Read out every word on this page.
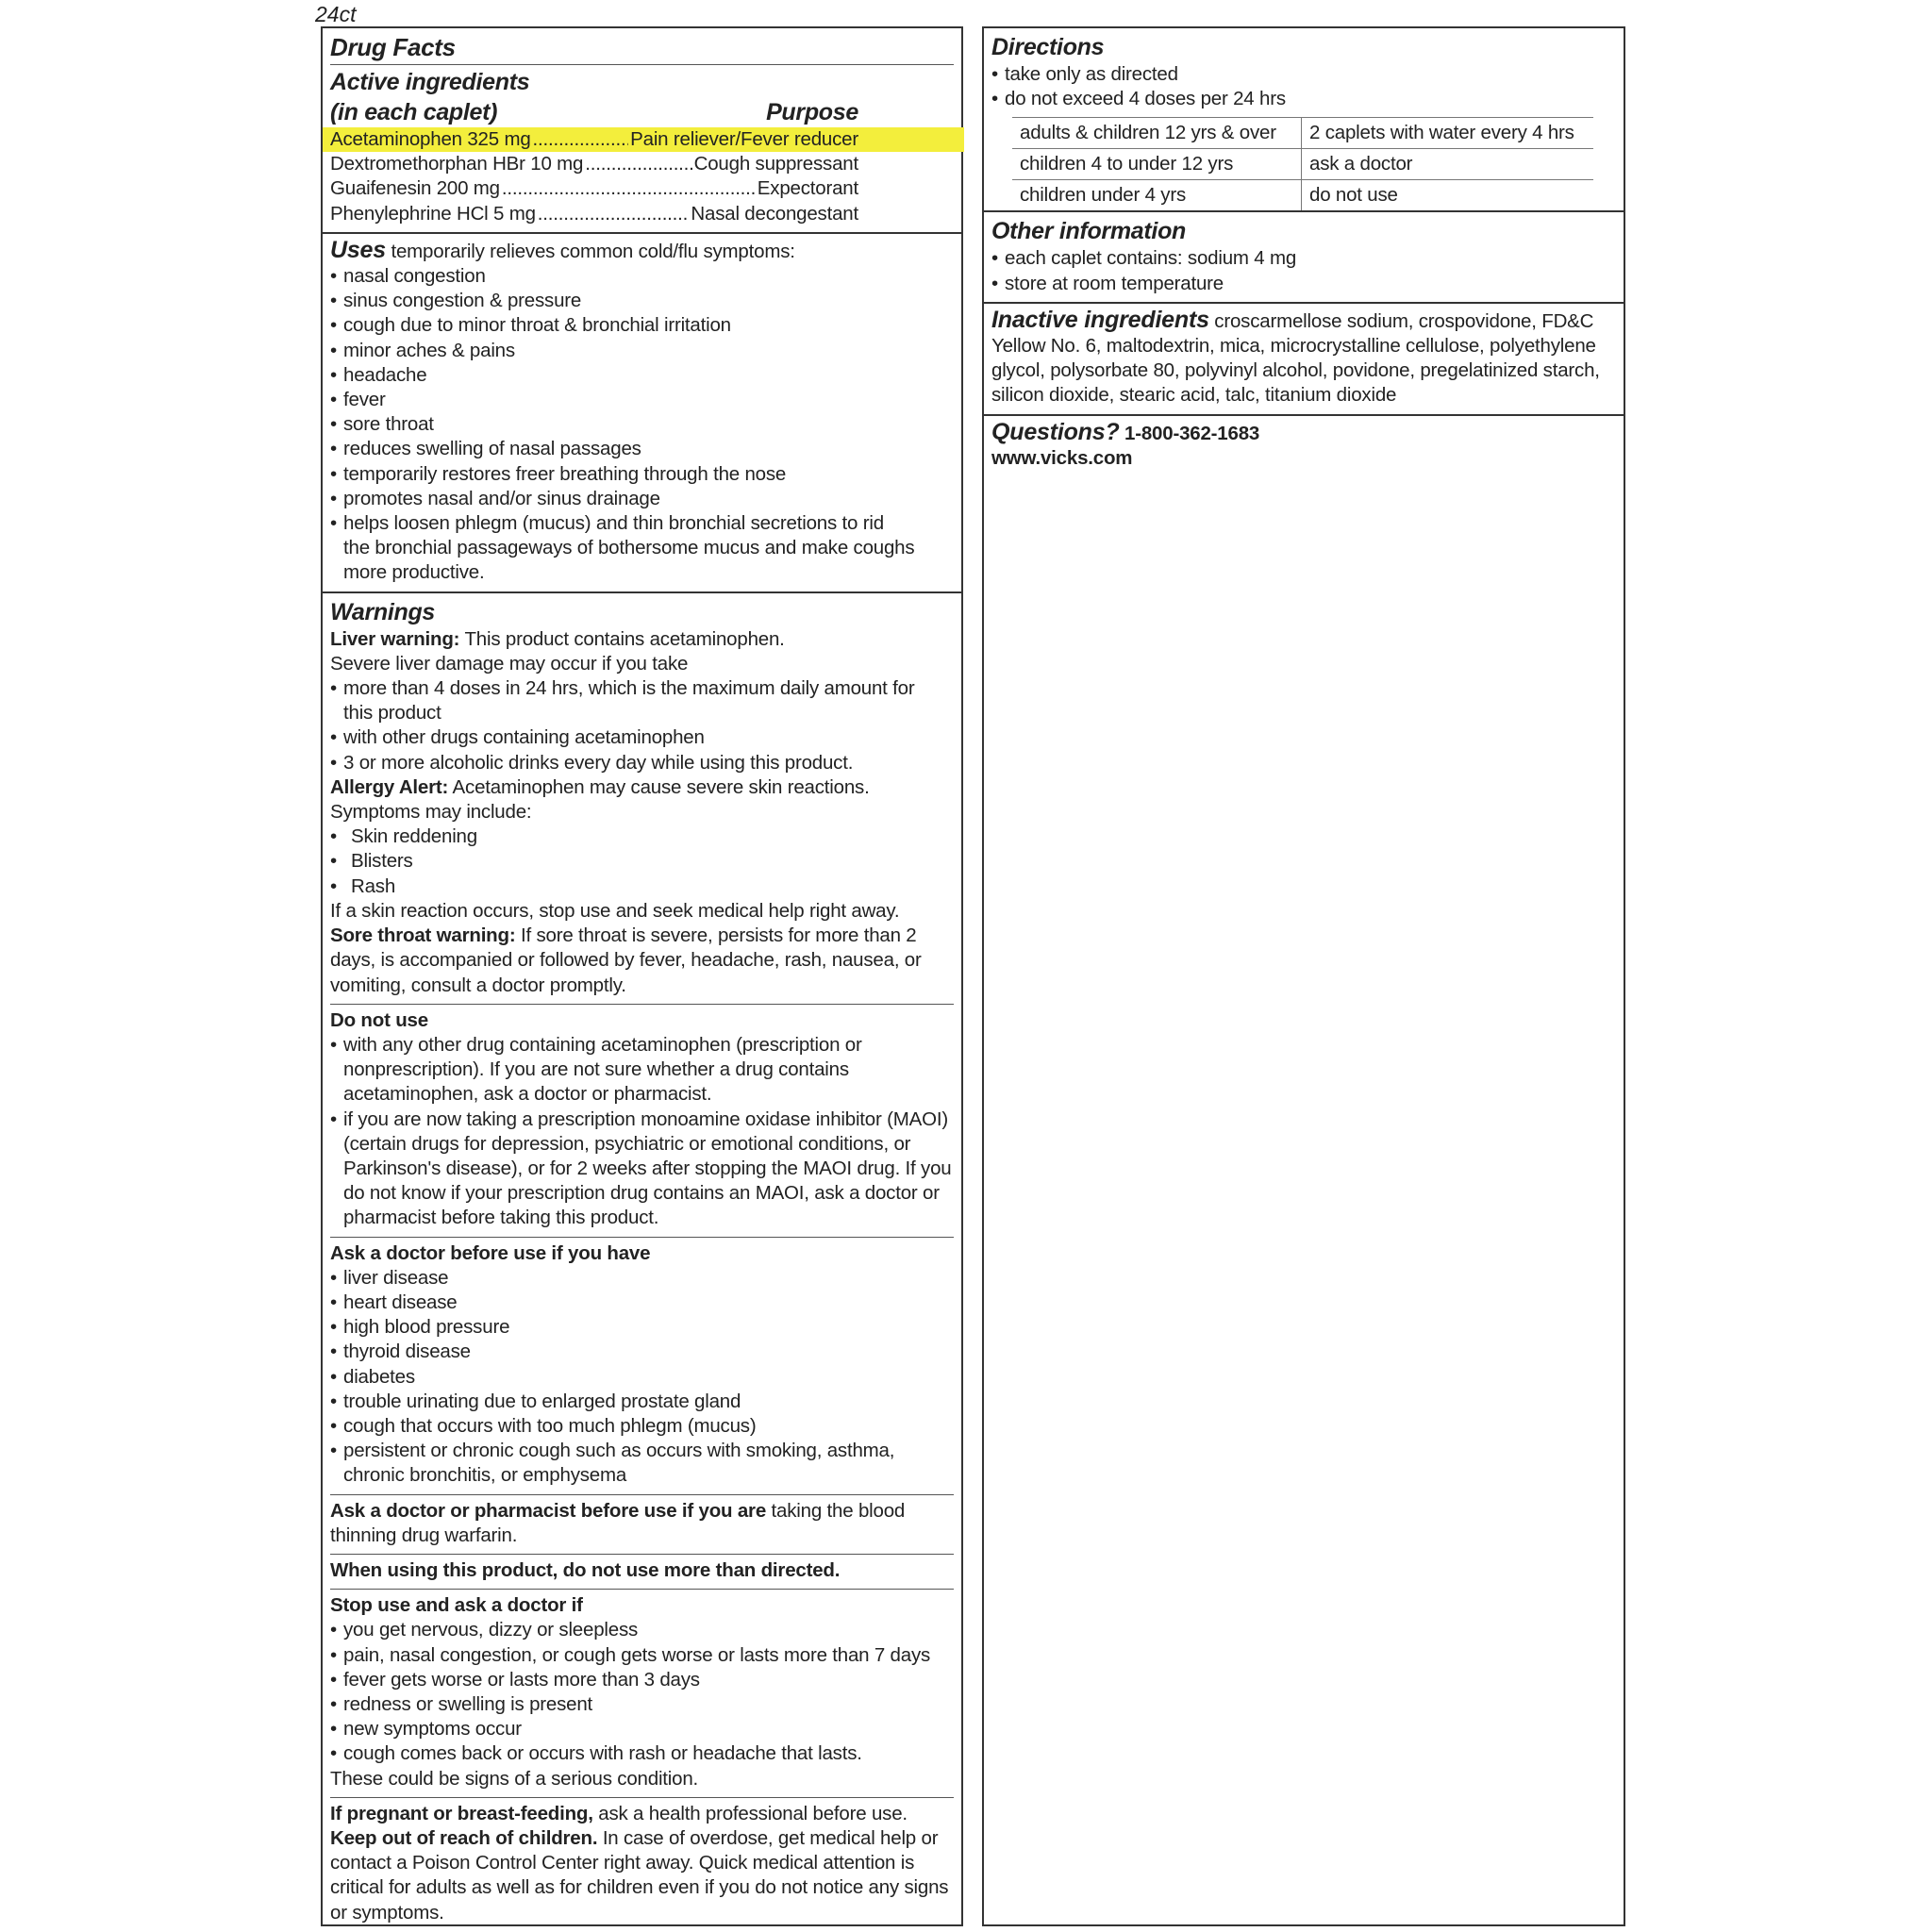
24ct
Drug Facts
Active ingredients
(in each caplet)	Purpose
Acetaminophen 325 mg .....	Pain reliever/Fever reducer
Dextromethorphan HBr 10 mg .....	Cough suppressant
Guaifenesin 200 mg .....	Expectorant
Phenylephrine HCl 5 mg .....	Nasal decongestant
Uses temporarily relieves common cold/flu symptoms:
• nasal congestion
• sinus congestion & pressure
• cough due to minor throat & bronchial irritation
• minor aches & pains
• headache
• fever
• sore throat
• reduces swelling of nasal passages
• temporarily restores freer breathing through the nose
• promotes nasal and/or sinus drainage
• helps loosen phlegm (mucus) and thin bronchial secretions to rid the bronchial passageways of bothersome mucus and make coughs more productive.
Warnings
Liver warning: This product contains acetaminophen.
Severe liver damage may occur if you take
• more than 4 doses in 24 hrs, which is the maximum daily amount for this product
• with other drugs containing acetaminophen
• 3 or more alcoholic drinks every day while using this product.
Allergy Alert: Acetaminophen may cause severe skin reactions.
Symptoms may include:
• Skin reddening
• Blisters
• Rash
If a skin reaction occurs, stop use and seek medical help right away.
Sore throat warning: If sore throat is severe, persists for more than 2 days, is accompanied or followed by fever, headache, rash, nausea, or vomiting, consult a doctor promptly.
Do not use
• with any other drug containing acetaminophen (prescription or nonprescription). If you are not sure whether a drug contains acetaminophen, ask a doctor or pharmacist.
• if you are now taking a prescription monoamine oxidase inhibitor (MAOI) (certain drugs for depression, psychiatric or emotional conditions, or Parkinson's disease), or for 2 weeks after stopping the MAOI drug. If you do not know if your prescription drug contains an MAOI, ask a doctor or pharmacist before taking this product.
Ask a doctor before use if you have
• liver disease
• heart disease
• high blood pressure
• thyroid disease
• diabetes
• trouble urinating due to enlarged prostate gland
• cough that occurs with too much phlegm (mucus)
• persistent or chronic cough such as occurs with smoking, asthma, chronic bronchitis, or emphysema
Ask a doctor or pharmacist before use if you are taking the blood thinning drug warfarin.
When using this product, do not use more than directed.
Stop use and ask a doctor if
• you get nervous, dizzy or sleepless
• pain, nasal congestion, or cough gets worse or lasts more than 7 days
• fever gets worse or lasts more than 3 days
• redness or swelling is present
• new symptoms occur
• cough comes back or occurs with rash or headache that lasts.
These could be signs of a serious condition.
If pregnant or breast-feeding, ask a health professional before use.
Keep out of reach of children. In case of overdose, get medical help or contact a Poison Control Center right away. Quick medical attention is critical for adults as well as for children even if you do not notice any signs or symptoms.
Directions
• take only as directed
• do not exceed 4 doses per 24 hrs
adults & children 12 yrs & over	2 caplets with water every 4 hrs
children 4 to under 12 yrs	ask a doctor
children under 4 yrs	do not use
Other information
• each caplet contains: sodium 4 mg
• store at room temperature
Inactive ingredients croscarmellose sodium, crospovidone, FD&C Yellow No. 6, maltodextrin, mica, microcrystalline cellulose, polyethylene glycol, polysorbate 80, polyvinyl alcohol, povidone, pregelatinized starch, silicon dioxide, stearic acid, talc, titanium dioxide
Questions? 1-800-362-1683
www.vicks.com
